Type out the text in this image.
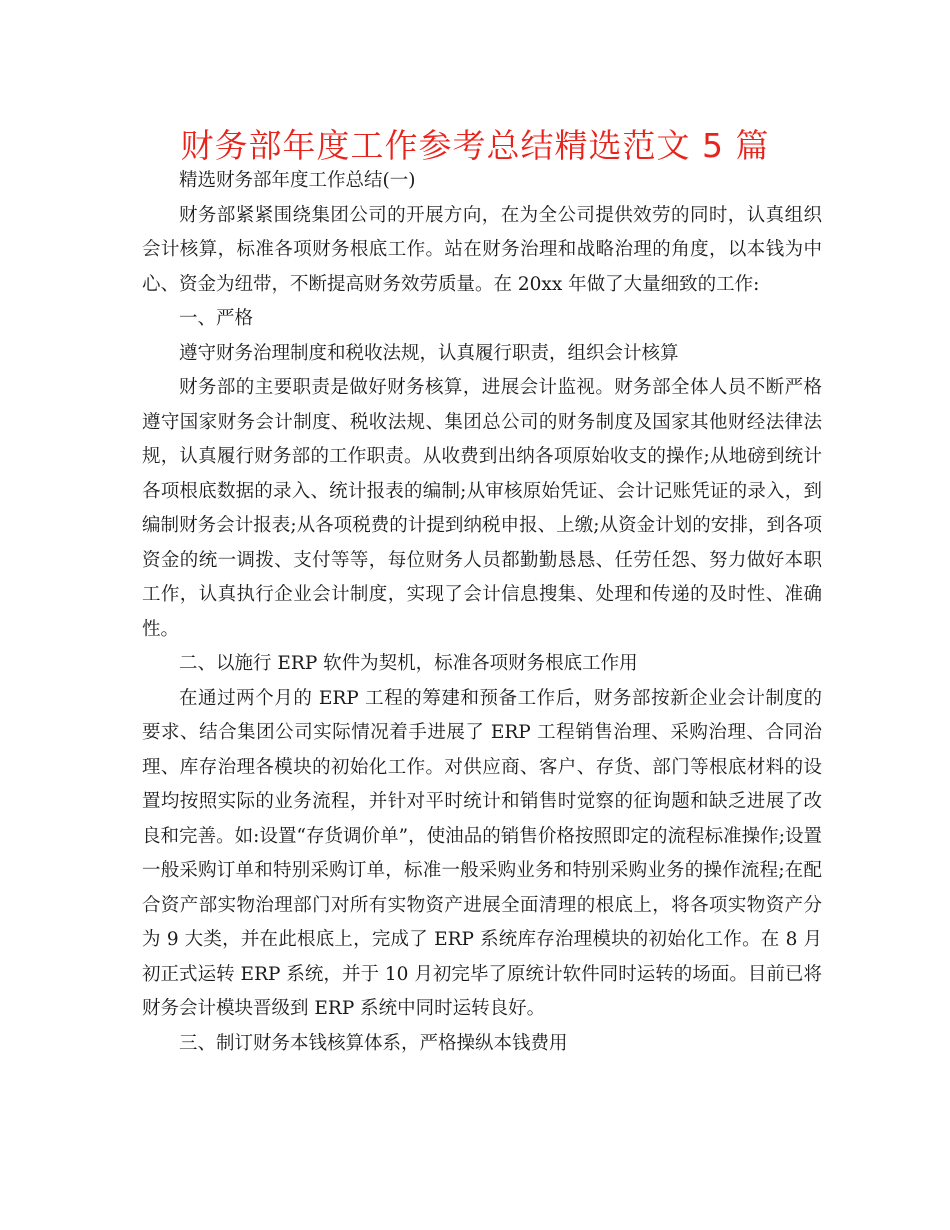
财务部年度工作参考总结精选范文 5 篇

精选财务部年度工作总结(一)

财务部紧紧围绕集团公司的开展方向，在为全公司提供效劳的同时，认真组织会计核算，标准各项财务根底工作。站在财务治理和战略治理的角度，以本钱为中心、资金为纽带，不断提高财务效劳质量。在 20xx 年做了大量细致的工作:

一、严格

遵守财务治理制度和税收法规，认真履行职责，组织会计核算

财务部的主要职责是做好财务核算，进展会计监视。财务部全体人员不断严格遵守国家财务会计制度、税收法规、集团总公司的财务制度及国家其他财经法律法规，认真履行财务部的工作职责。从收费到出纳各项原始收支的操作;从地磅到统计各项根底数据的录入、统计报表的编制;从审核原始凭证、会计记账凭证的录入，到编制财务会计报表;从各项税费的计提到纳税申报、上缴;从资金计划的安排，到各项资金的统一调拨、支付等等，每位财务人员都勤勤恳恳、任劳任怨、努力做好本职工作，认真执行企业会计制度，实现了会计信息搜集、处理和传递的及时性、准确性。

二、以施行 ERP 软件为契机，标准各项财务根底工作用

在通过两个月的 ERP 工程的筹建和预备工作后，财务部按新企业会计制度的要求、结合集团公司实际情况着手进展了 ERP 工程销售治理、采购治理、合同治理、库存治理各模块的初始化工作。对供应商、客户、存货、部门等根底材料的设置均按照实际的业务流程，并针对平时统计和销售时觉察的征询题和缺乏进展了改良和完善。如:设置“存货调价单”，使油品的销售价格按照即定的流程标准操作;设置一般采购订单和特别采购订单，标准一般采购业务和特别采购业务的操作流程;在配合资产部实物治理部门对所有实物资产进展全面清理的根底上，将各项实物资产分为 9 大类，并在此根底上，完成了 ERP 系统库存治理模块的初始化工作。在 8 月初正式运转 ERP 系统，并于 10 月初完毕了原统计软件同时运转的场面。目前已将财务会计模块晋级到 ERP 系统中同时运转良好。

三、制订财务本钱核算体系，严格操纵本钱费用
